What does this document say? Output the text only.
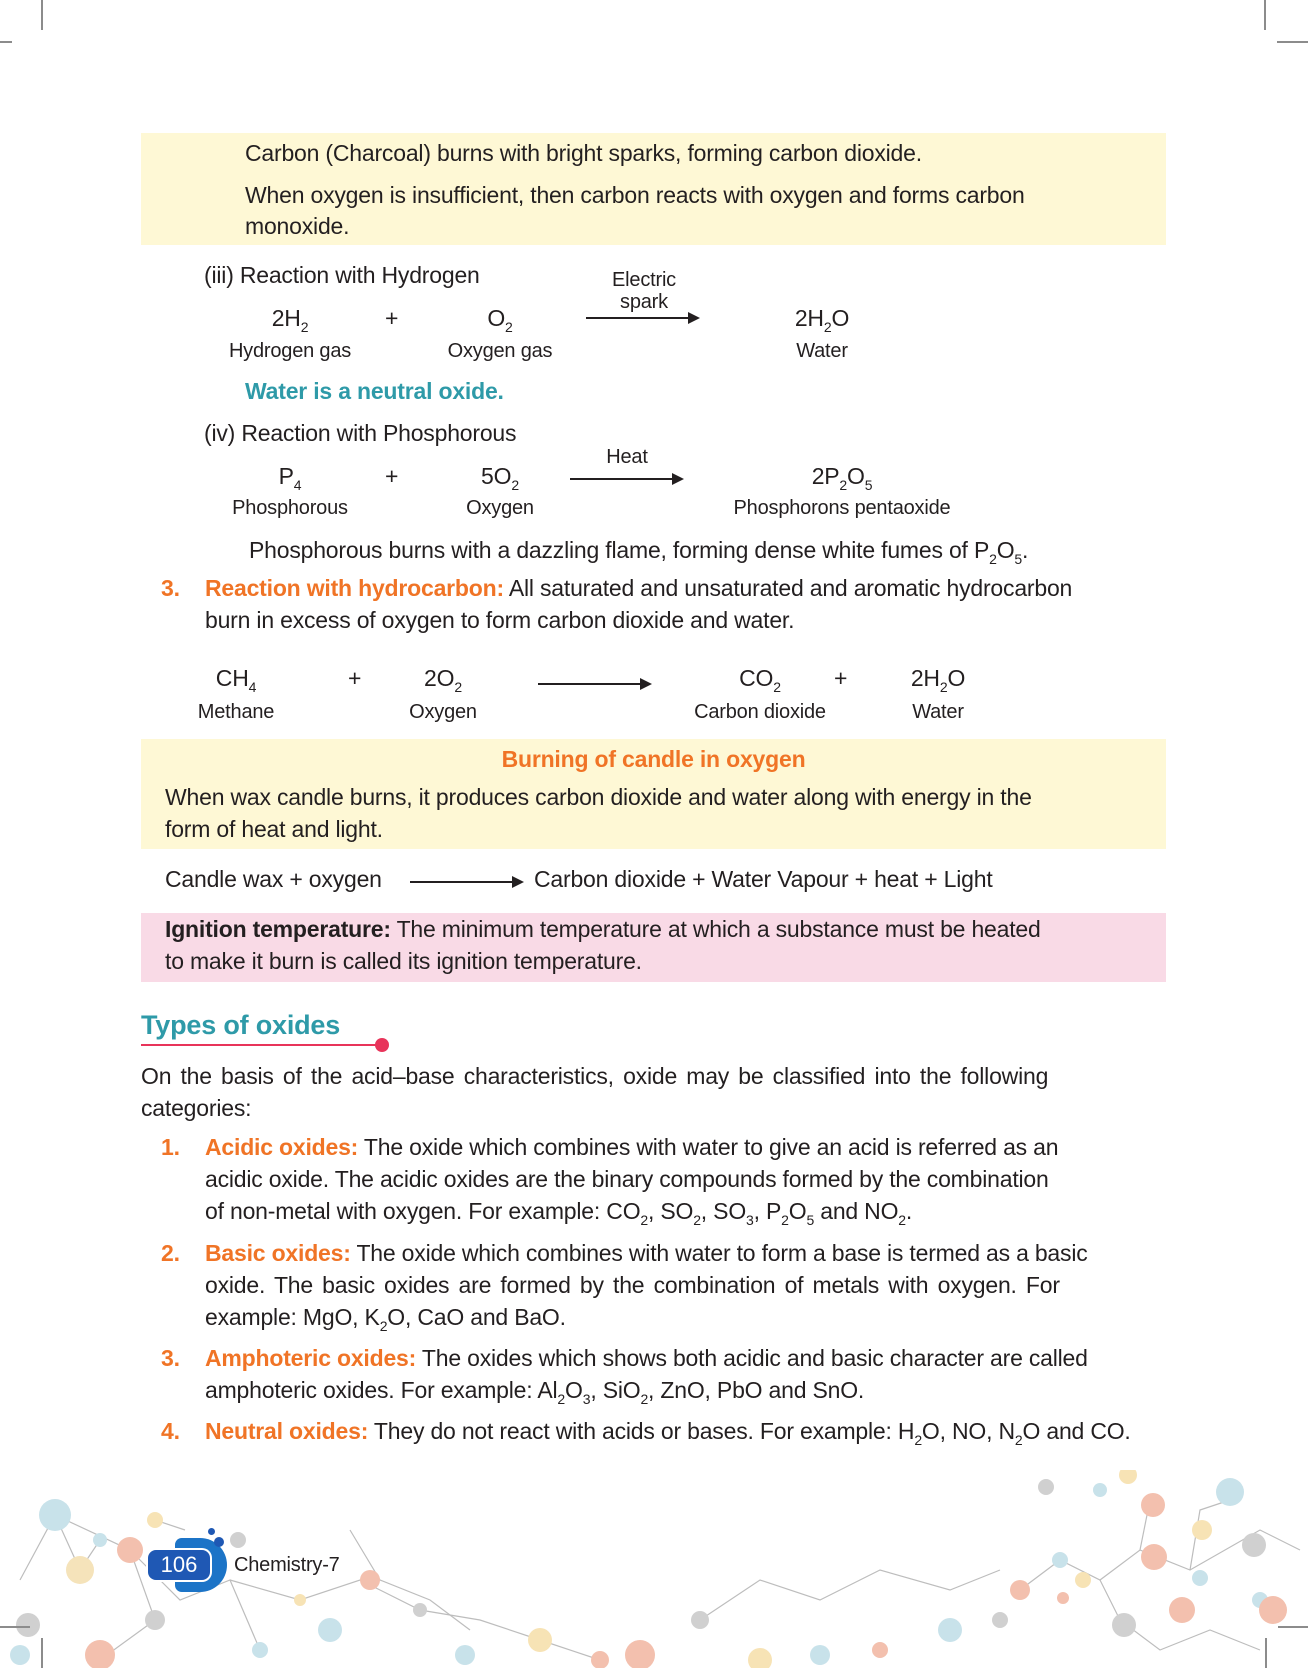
Carbon (Charcoal) burns with bright sparks, forming carbon dioxide.
When oxygen is insufficient, then carbon reacts with oxygen and forms carbon
monoxide.
(iii) Reaction with Hydrogen	Electric
spark
$2H_2$	+	$O_2$	$2H_2O$
Hydrogen gas	Oxygen gas	Water
Water is a neutral oxide.
(iv) Reaction with Phosphorous
Heat
$P_4$	+	$5O_2$	$2P_2O_5$
Phosphorous	Oxygen	Phosphorons pentaoxide
Phosphorous burns with a dazzling flame, forming dense white fumes of $P_2O_5$.
3. Reaction with hydrocarbon: All saturated and unsaturated and aromatic hydrocarbon
burn in excess of oxygen to form carbon dioxide and water.
$CH_4$	+	$2O_2$	$CO_2$	+	$2H_2O$
Methane	Oxygen	Carbon dioxide	Water
Burning of candle in oxygen
When wax candle burns, it produces carbon dioxide and water along with energy in the
form of heat and light.
Candle wax + oxygen	Carbon dioxide + Water Vapour + heat + Light
Ignition temperature: The minimum temperature at which a substance must be heated
to make it burn is called its ignition temperature.
Types of oxides
On the basis of the acid–base characteristics, oxide may be classified into the following
categories:
1. Acidic oxides: The oxide which combines with water to give an acid is referred as an
acidic oxide. The acidic oxides are the binary compounds formed by the combination
of non-metal with oxygen. For example: $CO_2$, $SO_2$, $SO_3$, $P_2O_5$ and $NO_2$.
2. Basic oxides: The oxide which combines with water to form a base is termed as a basic
oxide. The basic oxides are formed by the combination of metals with oxygen. For
example: MgO, $K_2O$, CaO and BaO.
3. Amphoteric oxides: The oxides which shows both acidic and basic character are called
amphoteric oxides. For example: $Al_2O_3$, SiO$_2$, ZnO, PbO and SnO.
4. Neutral oxides: They do not react with acids or bases. For example: $H_2O$, NO, $N_2O$ and CO.
106	Chemistry-7
